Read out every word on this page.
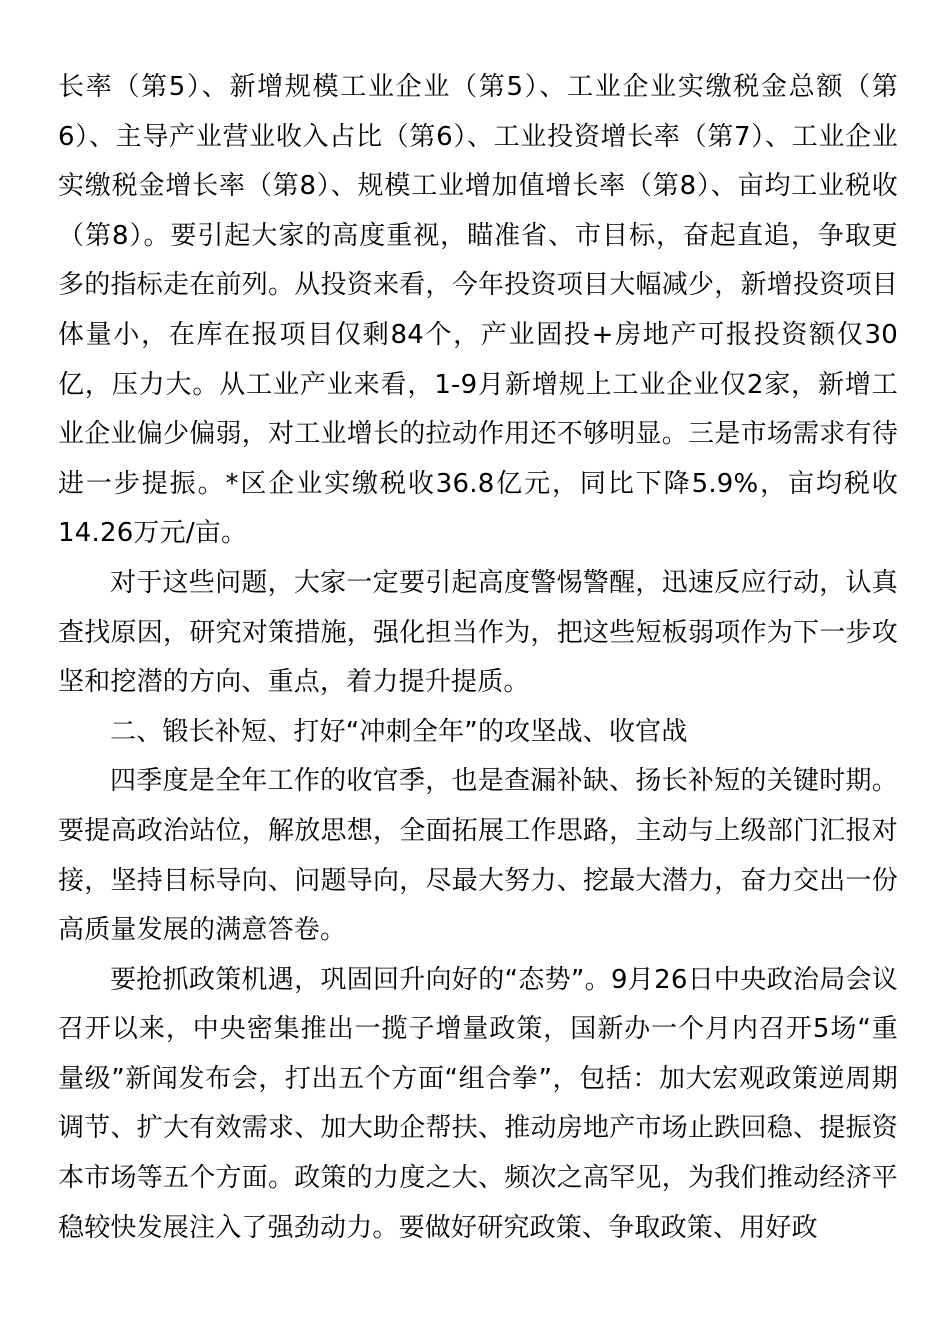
长率（第5）、新增规模工业企业（第5）、工业企业实缴税金总额（第6）、主导产业营业收入占比（第6）、工业投资增长率（第7）、工业企业实缴税金增长率（第8）、规模工业增加值增长率（第8）、亩均工业税收（第8）。要引起大家的高度重视，瞄准省、市目标，奋起直追，争取更多的指标走在前列。从投资来看，今年投资项目大幅减少，新增投资项目体量小，在库在报项目仅剩84个，产业固投+房地产可报投资额仅30亿，压力大。从工业产业来看，1-9月新增规上工业企业仅2家，新增工业企业偏少偏弱，对工业增长的拉动作用还不够明显。三是市场需求有待进一步提振。*区企业实缴税收36.8亿元，同比下降5.9%，亩均税收14.26万元/亩。

对于这些问题，大家一定要引起高度警惕警醒，迅速反应行动，认真查找原因，研究对策措施，强化担当作为，把这些短板弱项作为下一步攻坚和挖潜的方向、重点，着力提升提质。

二、锻长补短、打好“冲刺全年”的攻坚战、收官战

四季度是全年工作的收官季，也是查漏补缺、扬长补短的关键时期。要提高政治站位，解放思想，全面拓展工作思路，主动与上级部门汇报对接，坚持目标导向、问题导向，尽最大努力、挖最大潜力，奋力交出一份高质量发展的满意答卷。

要抢抓政策机遇，巩固回升向好的“态势”。9月26日中央政治局会议召开以来，中央密集推出一揽子增量政策，国新办一个月内召开5场“重量级”新闻发布会，打出五个方面“组合拳”，包括：加大宏观政策逆周期调节、扩大有效需求、加大助企帮扶、推动房地产市场止跌回稳、提振资本市场等五个方面。政策的力度之大、频次之高罕见，为我们推动经济平稳较快发展注入了强劲动力。要做好研究政策、争取政策、用好政
